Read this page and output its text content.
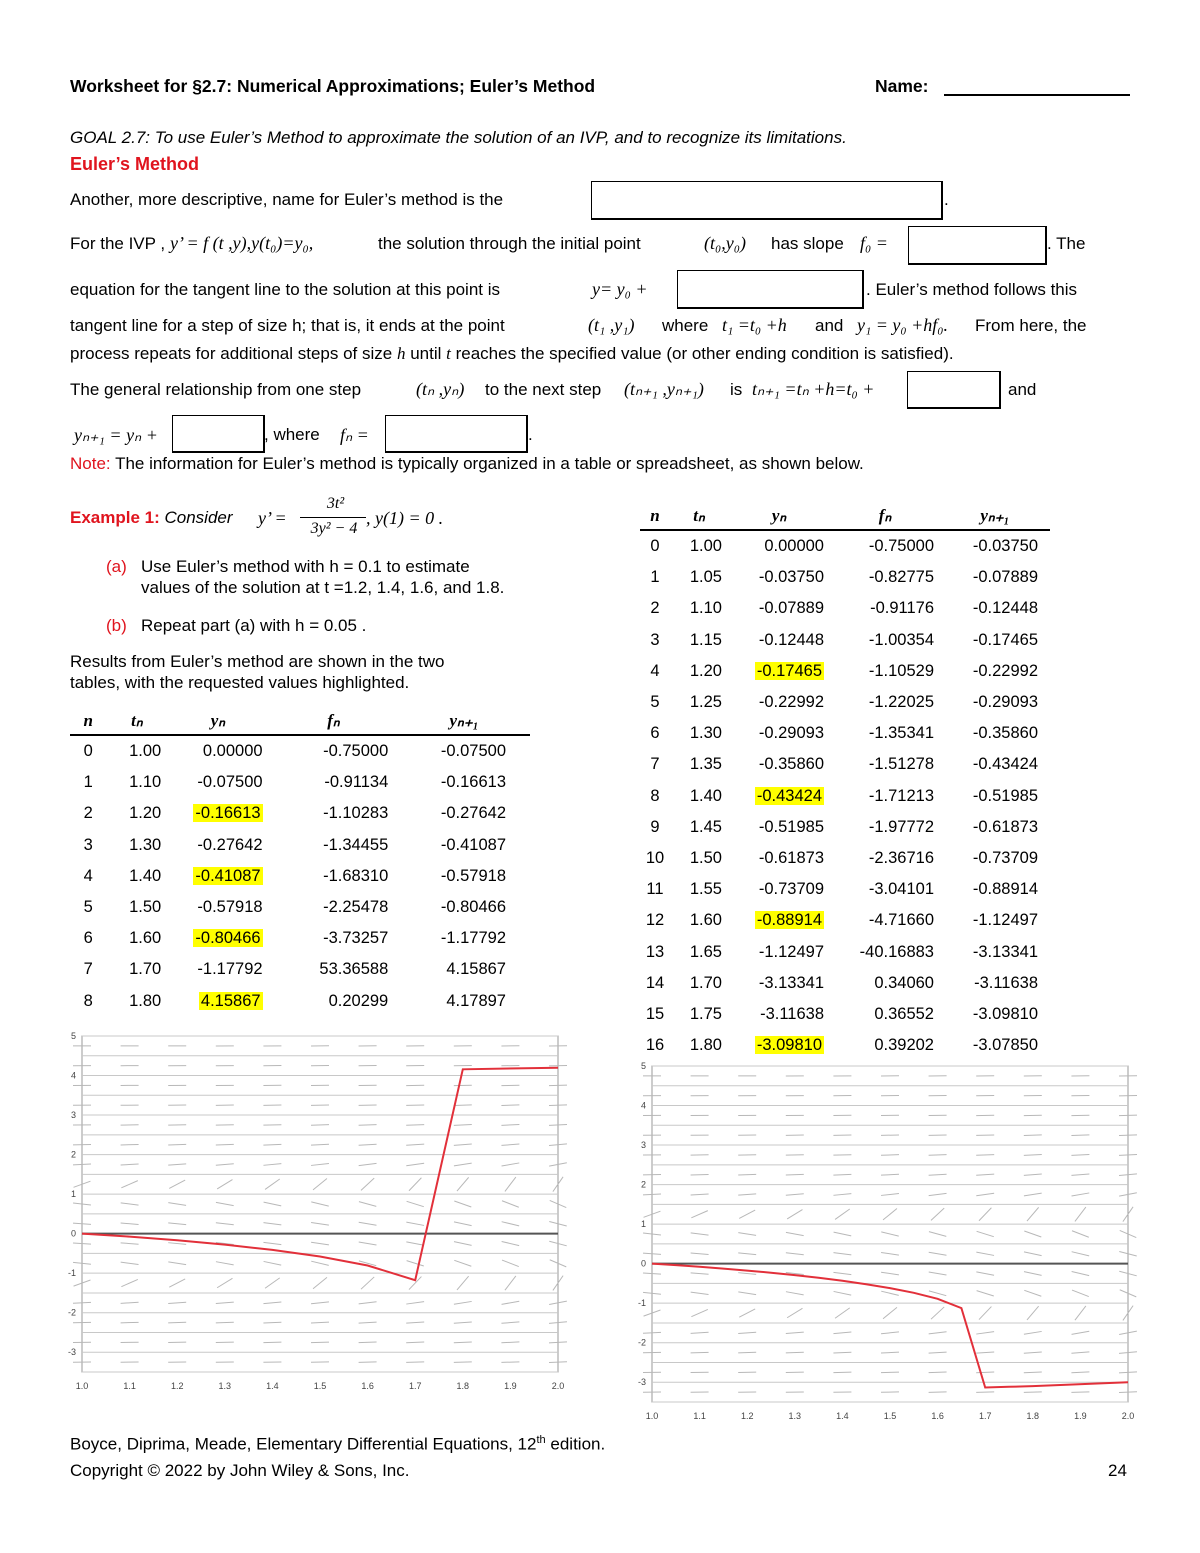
Worksheet for §2.7: Numerical Approximations; Euler’s Method	Name:
GOAL 2.7: To use Euler’s Method to approximate the solution of an IVP, and to recognize its limitations.
Euler’s Method
Another, more descriptive, name for Euler’s method is the	.
For the IVP , y’ = f (t ,y),y(t₀)=y₀,	the solution through the initial point	(t₀,y₀) has slope f₀ =	. The
equation for the tangent line to the solution at this point is	y= y₀ +	. Euler’s method follows this
tangent line for a step of size h; that is, it ends at the point	(t₁ ,y₁) where t₁ =t₀ +h and y₁ = y₀ +hf₀. From here, the
process repeats for additional steps of size h until t reaches the specified value (or other ending condition is satisfied).
The general relationship from one step	(tₙ ,yₙ) to the next step (tₙ₊₁ ,yₙ₊₁) is tₙ₊₁ =tₙ +h=t₀ +	and
yₙ₊₁ = yₙ +	, where fₙ =	.
Note: The information for Euler’s method is typically organized in a table or spreadsheet, as shown below.
Example 1: Consider y’ =
3t²
3y² − 4
, y(1) = 0 .
(a) Use Euler’s method with h = 0.1 to estimate
values of the solution at t =1.2, 1.4, 1.6, and 1.8.
(b) Repeat part (a) with h = 0.05 .
Results from Euler’s method are shown in the two
tables, with the requested values highlighted.
n	tₙ	yₙ	fₙ	yₙ₊₁
0	1.00	0.00000	-0.75000	-0.07500
1	1.10	-0.07500	-0.91134	-0.16613
2	1.20	-0.16613	-1.10283	-0.27642
3	1.30	-0.27642	-1.34455	-0.41087
4	1.40	-0.41087	-1.68310	-0.57918
5	1.50	-0.57918	-2.25478	-0.80466
6	1.60	-0.80466	-3.73257	-1.17792
7	1.70	-1.17792	53.36588	4.15867
8	1.80	4.15867	0.20299	4.17897
n	tₙ	yₙ	fₙ	yₙ₊₁
0	1.00	0.00000	-0.75000	-0.03750
1	1.05	-0.03750	-0.82775	-0.07889
2	1.10	-0.07889	-0.91176	-0.12448
3	1.15	-0.12448	-1.00354	-0.17465
4	1.20	-0.17465	-1.10529	-0.22992
5	1.25	-0.22992	-1.22025	-0.29093
6	1.30	-0.29093	-1.35341	-0.35860
7	1.35	-0.35860	-1.51278	-0.43424
8	1.40	-0.43424	-1.71213	-0.51985
9	1.45	-0.51985	-1.97772	-0.61873
10	1.50	-0.61873	-2.36716	-0.73709
11	1.55	-0.73709	-3.04101	-0.88914
12	1.60	-0.88914	-4.71660	-1.12497
13	1.65	-1.12497	-40.16883	-3.13341
14	1.70	-3.13341	0.34060	-3.11638
15	1.75	-3.11638	0.36552	-3.09810
16	1.80	-3.09810	0.39202	-3.07850
5
4
3
2
1
0
-1
-2
-3
1.0	1.1	1.2	1.3	1.4	1.5	1.6	1.7	1.8	1.9	2.0
5
4
3
2
1
0
-1
-2
-3
1.0	1.1	1.2	1.3	1.4	1.5	1.6	1.7	1.8	1.9	2.0
Boyce, Diprima, Meade, Elementary Differential Equations, 12th edition.
Copyright © 2022 by John Wiley & Sons, Inc.	24
